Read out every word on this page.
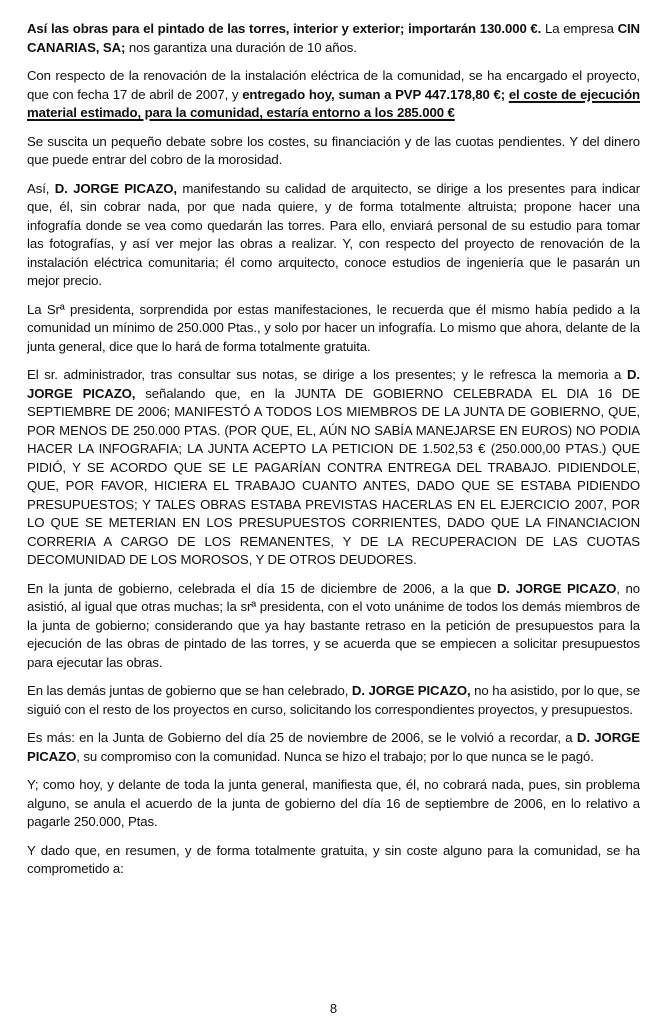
Así las obras para el pintado de las torres, interior y exterior; importarán 130.000 €. La empresa CIN CANARIAS, SA; nos garantiza una duración de 10 años.

Con respecto de la renovación de la instalación eléctrica de la comunidad, se ha encargado el proyecto, que con fecha 17 de abril de 2007, y entregado hoy, suman a PVP 447.178,80 €; el coste de ejecución material estimado, para la comunidad, estaría entorno a los 285.000 €

Se suscita un pequeño debate sobre los costes, su financiación y de las cuotas pendientes. Y del dinero que puede entrar del cobro de la morosidad.

Así, D. JORGE PICAZO, manifestando su calidad de arquitecto, se dirige a los presentes para indicar que, él, sin cobrar nada, por que nada quiere, y de forma totalmente altruista; propone hacer una infografía donde se vea como quedarán las torres. Para ello, enviará personal de su estudio para tomar las fotografías, y así ver mejor las obras a realizar. Y, con respecto del proyecto de renovación de la instalación eléctrica comunitaria; él como arquitecto, conoce estudios de ingeniería que le pasarán un mejor precio.

La Srª presidenta, sorprendida por estas manifestaciones, le recuerda que él mismo había pedido a la comunidad un mínimo de 250.000 Ptas., y solo por hacer un infografía. Lo mismo que ahora, delante de la junta general, dice que lo hará de forma totalmente gratuita.

El sr. administrador, tras consultar sus notas, se dirige a los presentes; y le refresca la memoria a D. JORGE PICAZO, señalando que, en la JUNTA DE GOBIERNO CELEBRADA EL DIA 16 DE SEPTIEMBRE DE 2006; MANIFESTÓ A TODOS LOS MIEMBROS DE LA JUNTA DE GOBIERNO, QUE, POR MENOS DE 250.000 PTAS. (POR QUE, EL, AÚN NO SABÍA MANEJARSE EN EUROS) NO PODIA HACER LA INFOGRAFIA; LA JUNTA ACEPTO LA PETICION DE 1.502,53 € (250.000,00 PTAS.) QUE PIDIÓ, Y SE ACORDO QUE SE LE PAGARÍAN CONTRA ENTREGA DEL TRABAJO. PIDIENDOLE, QUE, POR FAVOR, HICIERA EL TRABAJO CUANTO ANTES, DADO QUE SE ESTABA PIDIENDO PRESUPUESTOS; Y TALES OBRAS ESTABA PREVISTAS HACERLAS EN EL EJERCICIO 2007, POR LO QUE SE METERIAN EN LOS PRESUPUESTOS CORRIENTES, DADO QUE LA FINANCIACION CORRERIA A CARGO DE LOS REMANENTES, Y DE LA RECUPERACION DE LAS CUOTAS DECOMUNIDAD DE LOS MOROSOS, Y DE OTROS DEUDORES.

En la junta de gobierno, celebrada el día 15 de diciembre de 2006, a la que D. JORGE PICAZO, no asistió, al igual que otras muchas; la srª presidenta, con el voto unánime de todos los demás miembros de la junta de gobierno; considerando que ya hay bastante retraso en la petición de presupuestos para la ejecución de las obras de pintado de las torres, y se acuerda que se empiecen a solicitar presupuestos para ejecutar las obras.

En las demás juntas de gobierno que se han celebrado, D. JORGE PICAZO, no ha asistido, por lo que, se siguió con el resto de los proyectos en curso, solicitando los correspondientes proyectos, y presupuestos.

Es más: en la Junta de Gobierno del día 25 de noviembre de 2006, se le volvió a recordar, a D. JORGE PICAZO, su compromiso con la comunidad. Nunca se hizo el trabajo; por lo que nunca se le pagó.

Y; como hoy, y delante de toda la junta general, manifiesta que, él, no cobrará nada, pues, sin problema alguno, se anula el acuerdo de la junta de gobierno del día 16 de septiembre de 2006, en lo relativo a pagarle 250.000, Ptas.

Y dado que, en resumen, y de forma totalmente gratuita, y sin coste alguno para la comunidad, se ha comprometido a:

8
